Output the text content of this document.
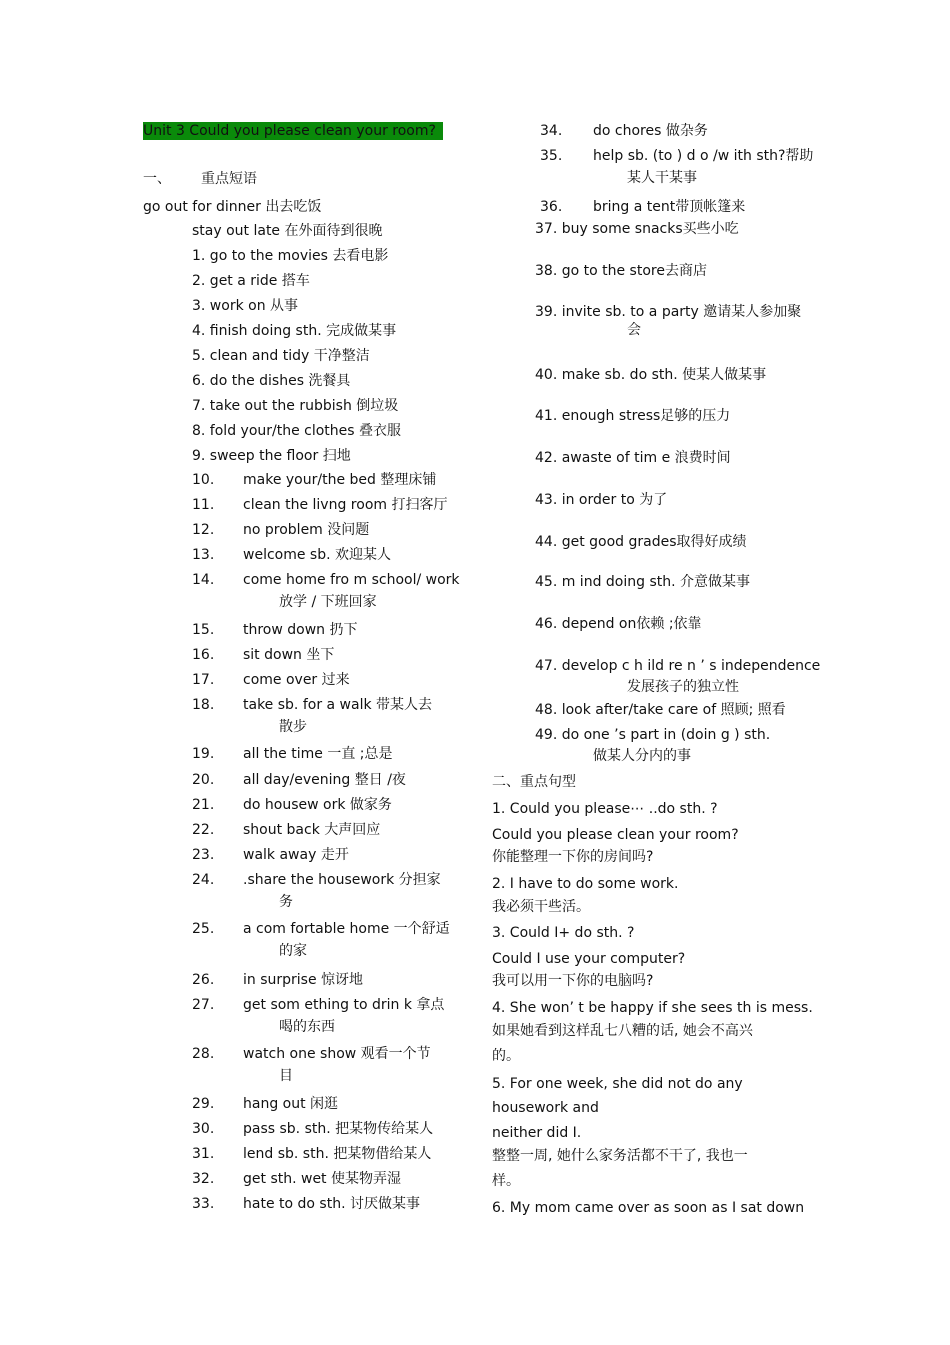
Unit 3 Could you please clean your room?
一、 重点短语
go out for dinner 出去吃饭
stay out late 在外面待到很晚
1. go to the movies 去看电影
2. get a ride 搭车
3. work on 从事
4. finish doing sth. 完成做某事
5. clean and tidy 干净整洁
6. do the dishes 洗餐具
7. take out the rubbish 倒垃圾
8. fold your/the clothes 叠衣服
9. sweep the floor 扫地
10. make your/the bed 整理床铺
11. clean the livng room 打扫客厅
12. no problem 没问题
13. welcome sb. 欢迎某人
14. come home fro m school/ work
放学 / 下班回家
15. throw down 扔下
16. sit down 坐下
17. come over 过来
18. take sb. for a walk 带某人去
散步
19. all the time 一直 ;总是
20. all day/evening 整日 /夜
21. do housew ork 做家务
22. shout back 大声回应
23. walk away 走开
24. .share the housework 分担家
务
25. a com fortable home 一个舒适
的家
26. in surprise 惊讶地
27. get som ething to drin k 拿点
喝的东西
28. watch one show 观看一个节
目
29. hang out 闲逛
30. pass sb. sth. 把某物传给某人
31. lend sb. sth. 把某物借给某人
32. get sth. wet 使某物弄湿
33. hate to do sth. 讨厌做某事
34. do chores 做杂务
35. help sb. (to ) d o /w ith sth?帮助
某人干某事
36. bring a tent带顶帐篷来
37. buy some snacks买些小吃
38. go to the store去商店
39. invite sb. to a party 邀请某人参加聚
会
40. make sb. do sth. 使某人做某事
41. enough stress足够的压力
42. awaste of tim e 浪费时间
43. in order to 为了
44. get good grades取得好成绩
45. m ind doing sth. 介意做某事
46. depend on依赖 ;依靠
47. develop c h ild re n ’ s independence
发展孩子的独立性
48. look after/take care of 照顾; 照看
49. do one ’s part in (doin g ) sth.
做某人分内的事
二、重点句型
1. Could you please⋯ ..do sth. ?
Could you please clean your room?
你能整理一下你的房间吗?
2. I have to do some work.
我必须干些活。
3. Could I+ do sth. ?
Could I use your computer?
我可以用一下你的电脑吗?
4. She won’ t be happy if she sees th is mess.
如果她看到这样乱七八糟的话, 她会不高兴
的。
5. For one week, she did not do any
housework and
neither did I.
整整一周, 她什么家务活都不干了, 我也一
样。
6. My mom came over as soon as I sat down
